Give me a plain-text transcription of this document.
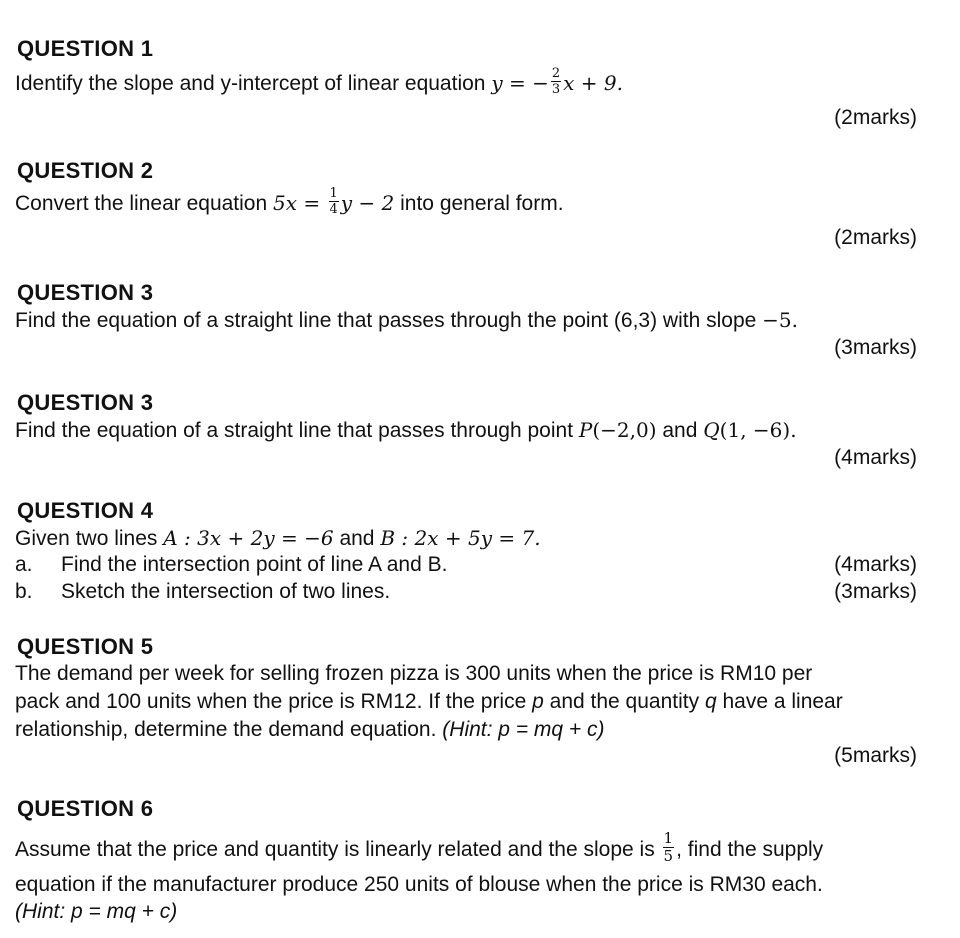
QUESTION 1
Identify the slope and y-intercept of linear equation y = − $\frac{2}{3}$ x + 9.
(2marks)
QUESTION 2
Convert the linear equation $5x = \frac{1}{4}$ y − 2 into general form.
(2marks)
QUESTION 3
Find the equation of a straight line that passes through the point (6,3) with slope −5.
(3marks)
QUESTION 3
Find the equation of a straight line that passes through point P(−2,0) and Q(1, −6).
(4marks)
QUESTION 4
Given two lines A : 3x + 2y = −6 and B : 2x + 5y = 7.
a. Find the intersection point of line A and B.	(4marks)
b. Sketch the intersection of two lines.	(3marks)
QUESTION 5
The demand per week for selling frozen pizza is 300 units when the price is RM10 per
pack and 100 units when the price is RM12. If the price p and the quantity q have a linear
relationship, determine the demand equation. (Hint: p = mq + c)
(5marks)
QUESTION 6
Assume that the price and quantity is linearly related and the slope is $\frac{1}{5}$ , find the supply
equation if the manufacturer produce 250 units of blouse when the price is RM30 each.
(Hint: p = mq + c)
